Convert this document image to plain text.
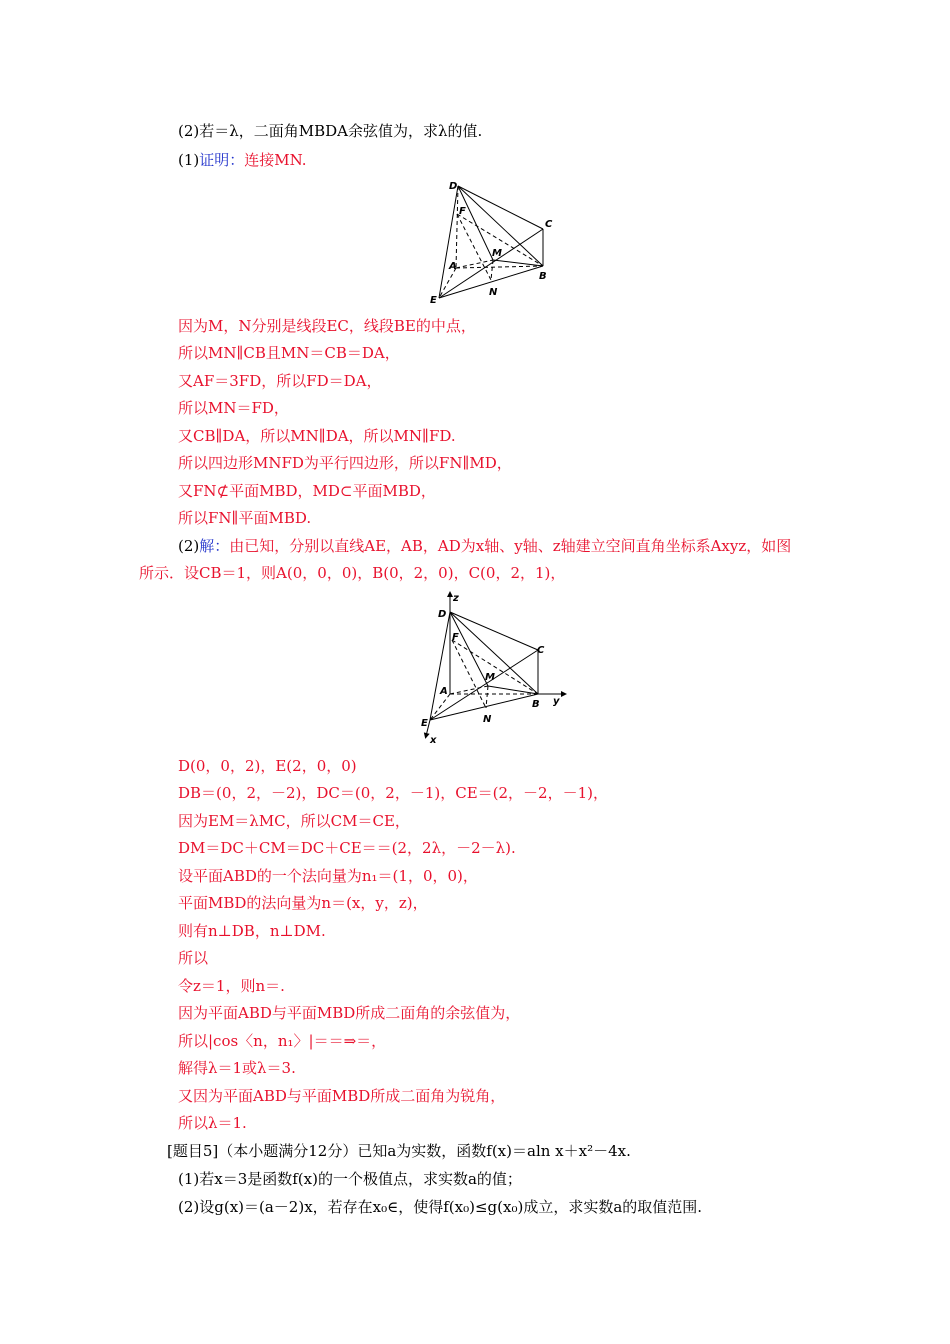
(2)若＝λ，二面角MBDA余弦值为，求λ的值.
(1)证明：连接MN.
D
F
C
M
A
B
E
N
因为M，N分别是线段EC，线段BE的中点，
所以MN∥CB且MN＝CB＝DA，
又AF＝3FD，所以FD＝DA，
所以MN＝FD，
又CB∥DA，所以MN∥DA，所以MN∥FD.
所以四边形MNFD为平行四边形，所以FN∥MD，
又FN⊄平面MBD，MD⊂平面MBD，
所以FN∥平面MBD.
(2)解：由已知，分别以直线AE，AB，AD为x轴、y轴、z轴建立空间直角坐标系Axyz，如图
所示．设CB＝1，则A(0，0，0)，B(0，2，0)，C(0，2，1)，
z
D
F
C
M
A
B y
E	N
x
D(0，0，2)，E(2，0，0)
DB＝(0，2，－2)，DC＝(0，2，－1)，CE＝(2，－2，－1)，
因为EM＝λMC，所以CM＝CE，
DM＝DC＋CM＝DC＋CE＝＝(2，2λ，－2－λ).
设平面ABD的一个法向量为n₁＝(1，0，0)，
平面MBD的法向量为n＝(x，y，z)，
则有n⊥DB，n⊥DM.
所以
令z＝1，则n＝.
因为平面ABD与平面MBD所成二面角的余弦值为，
所以|cos〈n，n₁〉|＝＝⇒＝，
解得λ＝1或λ＝3.
又因为平面ABD与平面MBD所成二面角为锐角，
所以λ＝1.
[题目5]（本小题满分12分）已知a为实数，函数f(x)＝aln x＋x²－4x.
(1)若x＝3是函数f(x)的一个极值点，求实数a的值；
(2)设g(x)＝(a－2)x，若存在x₀∈，使得f(x₀)≤g(x₀)成立，求实数a的取值范围.
